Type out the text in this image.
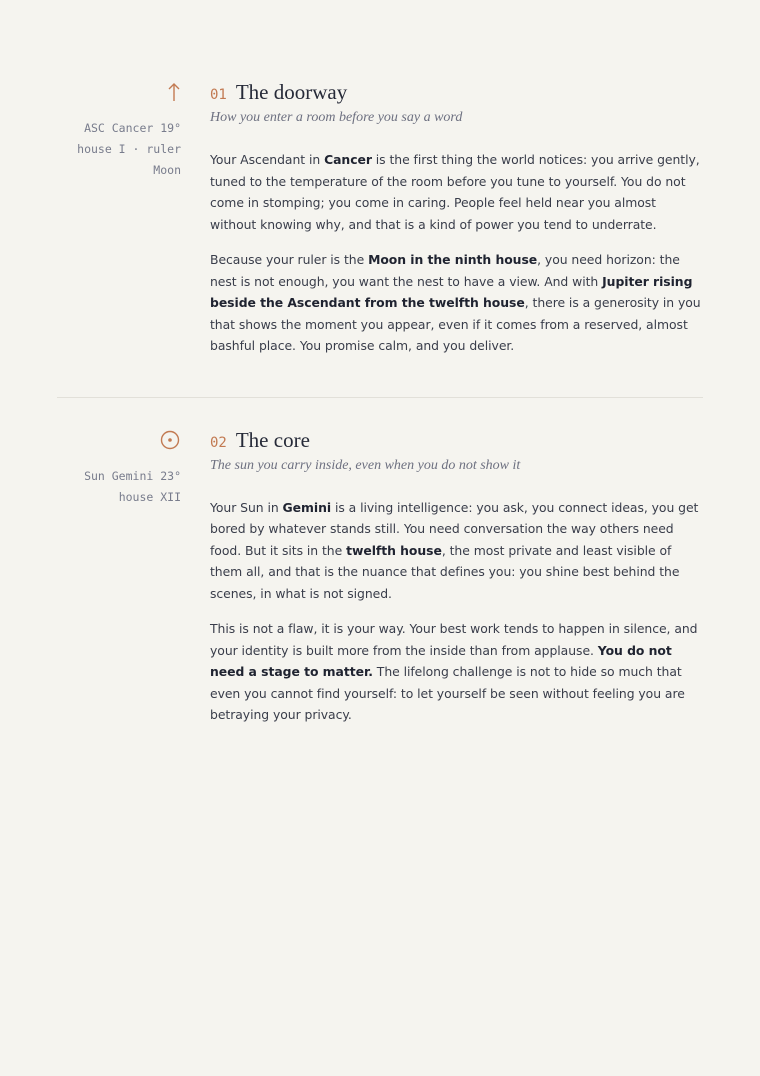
ASC Cancer 19°
house I · ruler
Moon
01 The doorway
How you enter a room before you say a word

Your Ascendant in Cancer is the first thing the world notices: you arrive gently, tuned to the temperature of the room before you tune to yourself. You do not come in stomping; you come in caring. People feel held near you almost without knowing why, and that is a kind of power you tend to underrate.

Because your ruler is the Moon in the ninth house, you need horizon: the nest is not enough, you want the nest to have a view. And with Jupiter rising beside the Ascendant from the twelfth house, there is a generosity in you that shows the moment you appear, even if it comes from a reserved, almost bashful place. You promise calm, and you deliver.

Sun Gemini 23°
house XII
02 The core
The sun you carry inside, even when you do not show it

Your Sun in Gemini is a living intelligence: you ask, you connect ideas, you get bored by whatever stands still. You need conversation the way others need food. But it sits in the twelfth house, the most private and least visible of them all, and that is the nuance that defines you: you shine best behind the scenes, in what is not signed.

This is not a flaw, it is your way. Your best work tends to happen in silence, and your identity is built more from the inside than from applause. You do not need a stage to matter. The lifelong challenge is not to hide so much that even you cannot find yourself: to let yourself be seen without feeling you are betraying your privacy.
